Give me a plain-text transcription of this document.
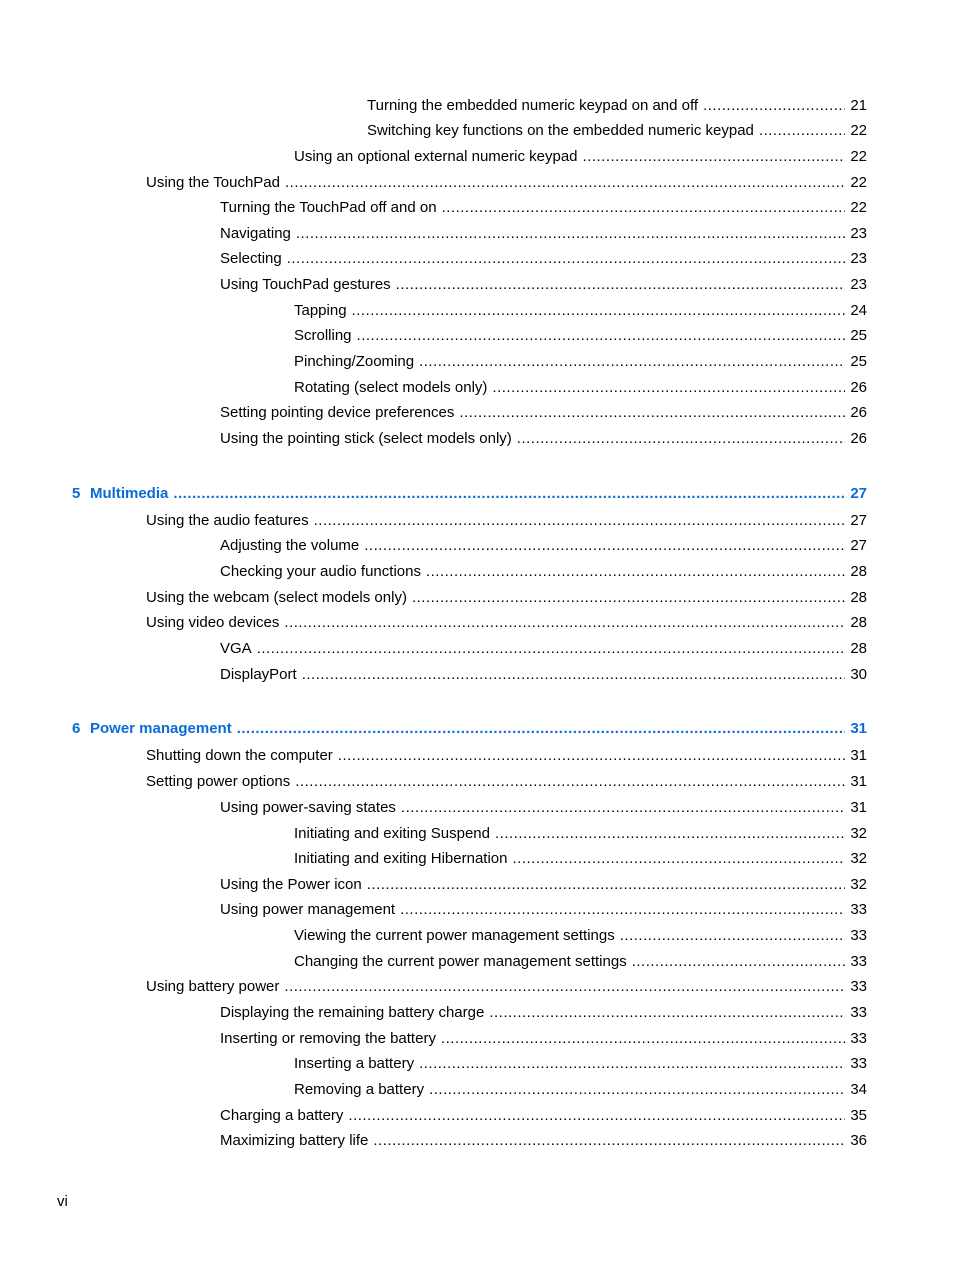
Turning the embedded numeric keypad on and off .....	21
Switching key functions on the embedded numeric keypad .....	22
Using an optional external numeric keypad .....	22
Using the TouchPad .....	22
Turning the TouchPad off and on .....	22
Navigating .....	23
Selecting .....	23
Using TouchPad gestures .....	23
Tapping .....	24
Scrolling .....	25
Pinching/Zooming .....	25
Rotating (select models only) .....	26
Setting pointing device preferences .....	26
Using the pointing stick (select models only) .....	26
5 Multimedia .....	27
Using the audio features .....	27
Adjusting the volume .....	27
Checking your audio functions .....	28
Using the webcam (select models only) .....	28
Using video devices .....	28
VGA .....	28
DisplayPort .....	30
6 Power management .....	31
Shutting down the computer .....	31
Setting power options .....	31
Using power-saving states .....	31
Initiating and exiting Suspend .....	32
Initiating and exiting Hibernation .....	32
Using the Power icon .....	32
Using power management .....	33
Viewing the current power management settings .....	33
Changing the current power management settings .....	33
Using battery power .....	33
Displaying the remaining battery charge .....	33
Inserting or removing the battery .....	33
Inserting a battery .....	33
Removing a battery .....	34
Charging a battery .....	35
Maximizing battery life .....	36
vi
